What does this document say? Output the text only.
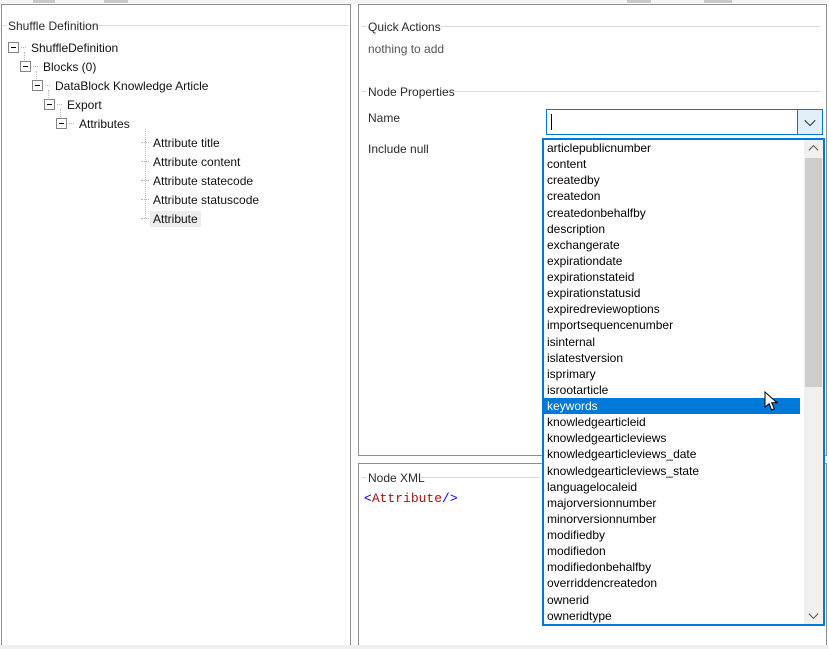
Shuffle Definition
ShuffleDefinition
Blocks (0)
DataBlock Knowledge Article
Export
Attributes
Attribute title
Attribute content
Attribute statecode
Attribute statuscode
Attribute
Quick Actions
nothing to add
Node Properties
Name
Include null
Node XML
<Attribute/>
articlepublicnumber
content
createdby
createdon
createdonbehalfby
description
exchangerate
expirationdate
expirationstateid
expirationstatusid
expiredreviewoptions
importsequencenumber
isinternal
islatestversion
isprimary
isrootarticle
keywords
knowledgearticleid
knowledgearticleviews
knowledgearticleviews_date
knowledgearticleviews_state
languagelocaleid
majorversionnumber
minorversionnumber
modifiedby
modifiedon
modifiedonbehalfby
overriddencreatedon
ownerid
owneridtype
